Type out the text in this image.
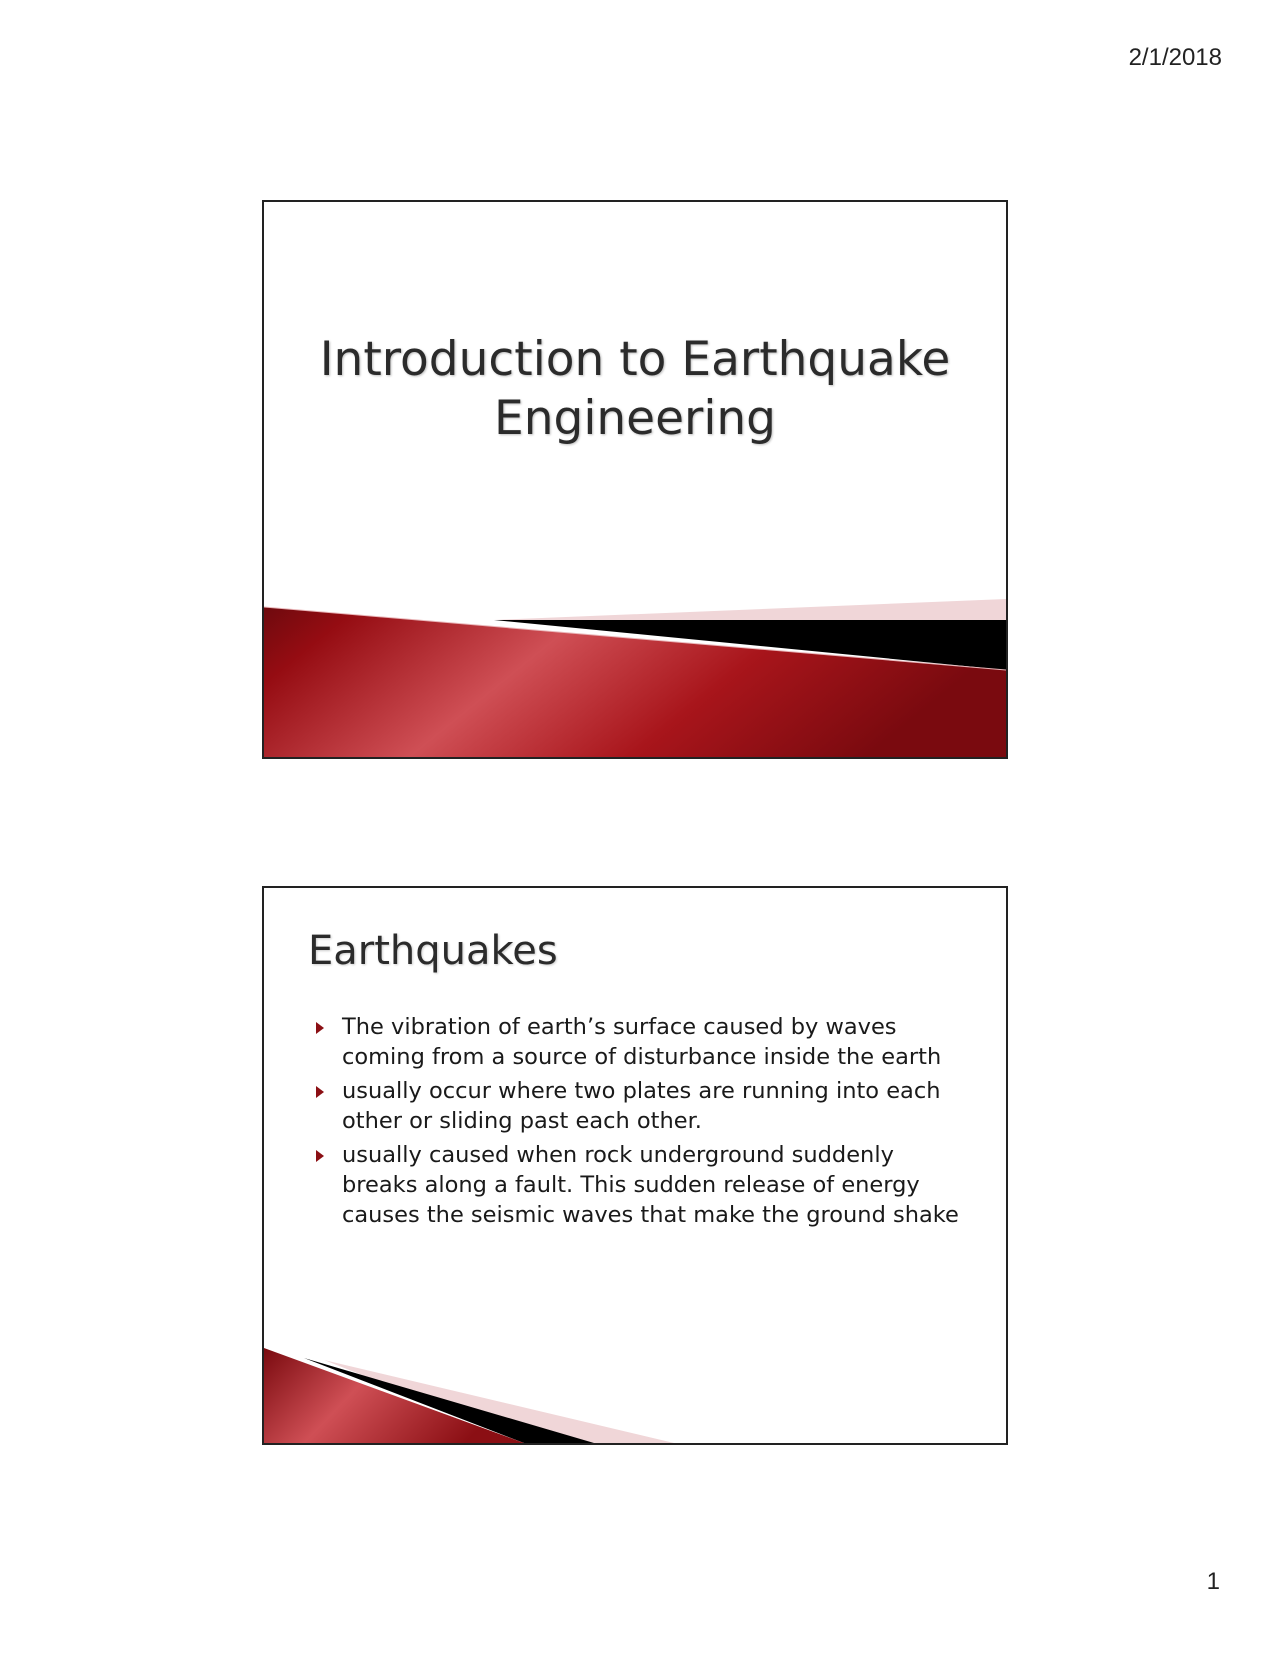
2/1/2018
Introduction to Earthquake
Engineering
Earthquakes
The vibration of earth’s surface caused by waves coming from a source of disturbance inside the earth
usually occur where two plates are running into each other or sliding past each other.
usually caused when rock underground suddenly breaks along a fault. This sudden release of energy causes the seismic waves that make the ground shake
1
